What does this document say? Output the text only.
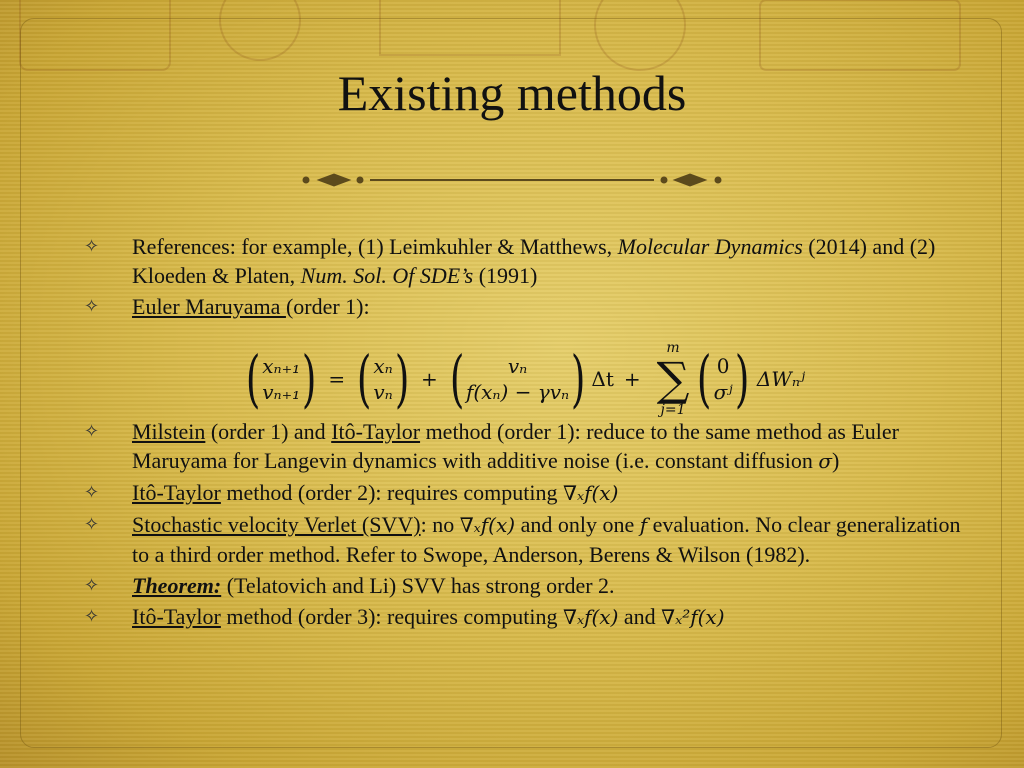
Existing methods
✧ References: for example, (1) Leimkuhler & Matthews, Molecular Dynamics (2014) and (2) Kloeden & Platen, Num. Sol. Of SDE’s (1991)
✧ Euler Maruyama (order 1):
✧ Milstein (order 1) and Itô-Taylor method (order 1): reduce to the same method as Euler Maruyama for Langevin dynamics with additive noise (i.e. constant diffusion σ)
✧ Itô-Taylor method (order 2): requires computing ∇ₓ𝑓(𝑥)
✧ Stochastic velocity Verlet (SVV): no ∇ₓ𝑓(𝑥) and only one 𝑓 evaluation. No clear generalization to a third order method. Refer to Swope, Anderson, Berens & Wilson (1982).
✧ Theorem: (Telatovich and Li) SVV has strong order 2.
✧ Itô-Taylor method (order 3): requires computing ∇ₓ𝑓(𝑥) and ∇ₓ²𝑓(𝑥)
( xₙ₊₁
vₙ₊₁ ) = ( xₙ
vₙ ) + ( vₙ
f(xₙ) − γvₙ ) Δt +
m
∑
j=1 ( 0
σʲ ) ΔWₙʲ
